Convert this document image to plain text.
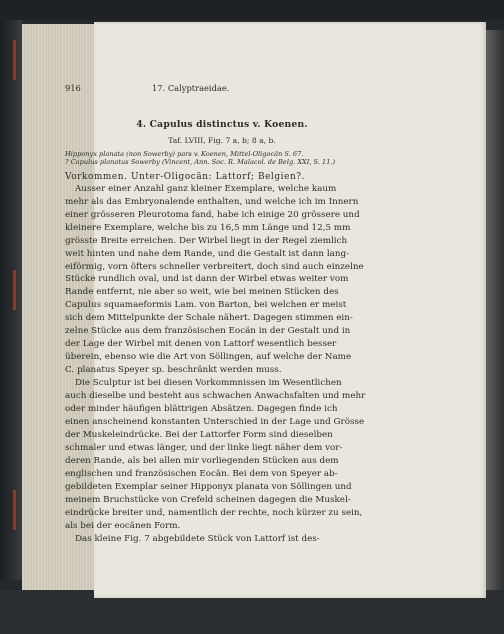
916	17. Calyptraeidae.
4. Capulus distinctus v. Koenen.
Taf. LVIII, Fig. 7 a, b; 8 a, b.
Hipponyx planata (non Sowerby) pars v. Koenen, Mittel-Oligocän S. 67.
? Capulus planatus Sowerby (Vincent, Ann. Soc. R. Malacol. de Belg. XXI, S. 11.)
Vorkommen. Unter-Oligocän: Lattorf; Belgien?.
Ausser einer Anzahl ganz kleiner Exemplare, welche kaum
mehr als das Embryonalende enthalten, und welche ich im Innern
einer grösseren Pleurotoma fand, habe ich einige 20 grössere und
kleinere Exemplare, welche bis zu 16,5 mm Länge und 12,5 mm
grösste Breite erreichen. Der Wirbel liegt in der Regel ziemlich
weit hinten und nahe dem Rande, und die Gestalt ist dann lang-
eiförmig, vorn öfters schneller verbreitert, doch sind auch einzelne
Stücke rundlich oval, und ist dann der Wirbel etwas weiter vom
Rande entfernt, nie aber so weit, wie bei meinen Stücken des
Capulus squamaeformis Lam. von Barton, bei welchen er meist
sich dem Mittelpunkte der Schale nähert. Dagegen stimmen ein-
zelne Stücke aus dem französischen Eocän in der Gestalt und in
der Lage der Wirbel mit denen von Lattorf wesentlich besser
überein, ebenso wie die Art von Söllingen, auf welche der Name
C. planatus Speyer sp. beschränkt werden muss.
Die Sculptur ist bei diesen Vorkommnissen im Wesentlichen
auch dieselbe und besteht aus schwachen Anwachsfalten und mehr
oder minder häufigen blättrigen Absätzen. Dagegen finde ich
einen anscheinend konstanten Unterschied in der Lage und Grösse
der Muskeleindrücke. Bei der Lattorfer Form sind dieselben
schmaler und etwas länger, und der linke liegt näher dem vor-
deren Rande, als bei allen mir vorliegenden Stücken aus dem
englischen und französischen Eocän. Bei dem von Speyer ab-
gebildeten Exemplar seiner Hipponyx planata von Söllingen und
meinem Bruchstücke von Crefeld scheinen dagegen die Muskel-
eindrücke breiter und, namentlich der rechte, noch kürzer zu sein,
als bei der eocänen Form.
Das kleine Fig. 7 abgebildete Stück von Lattorf ist des-
